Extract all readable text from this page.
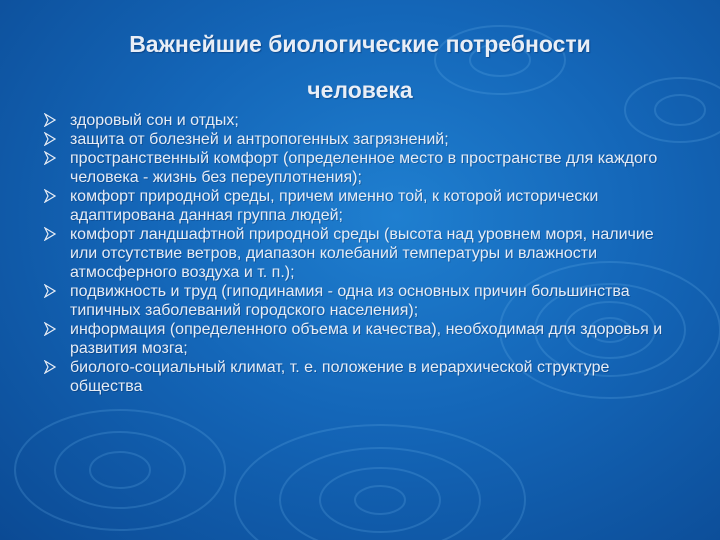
Важнейшие биологические потребности
человека
здоровый сон и отдых;
защита от болезней и антропогенных загрязнений;
пространственный комфорт (определенное место в пространстве для каждого человека - жизнь без переуплотнения);
комфорт природной среды, причем именно той, к которой исторически адаптирована данная группа людей;
комфорт ландшафтной природной среды (высота над уровнем моря, наличие или отсутствие ветров, диапазон колебаний температуры и влажности атмосферного воздуха и т. п.);
подвижность и труд (гиподинамия - одна из основных причин большинства типичных заболеваний городского населения);
информация (определенного объема и качества), необходимая для здоровья и развития мозга;
биолого-социальный климат, т. е. положение в иерархической структуре общества
